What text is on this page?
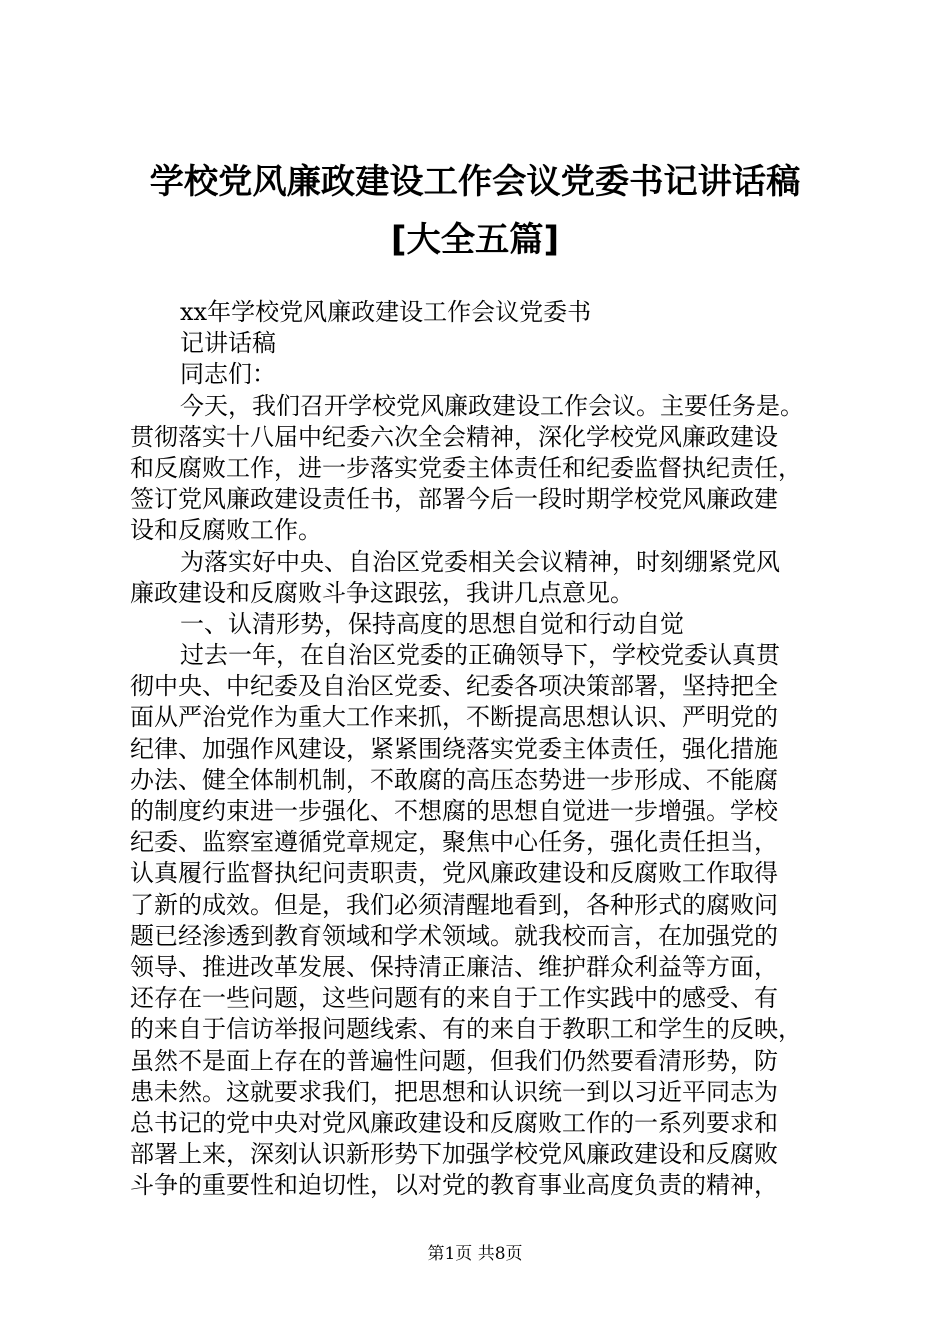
学校党风廉政建设工作会议党委书记讲话稿
[大全五篇]
xx年学校党风廉政建设工作会议党委书
记讲话稿
同志们：
今天，我们召开学校党风廉政建设工作会议。主要任务是。
贯彻落实十八届中纪委六次全会精神，深化学校党风廉政建设
和反腐败工作，进一步落实党委主体责任和纪委监督执纪责任，
签订党风廉政建设责任书，部署今后一段时期学校党风廉政建
设和反腐败工作。
为落实好中央、自治区党委相关会议精神，时刻绷紧党风
廉政建设和反腐败斗争这跟弦，我讲几点意见。
一、认清形势，保持高度的思想自觉和行动自觉
过去一年，在自治区党委的正确领导下，学校党委认真贯
彻中央、中纪委及自治区党委、纪委各项决策部署，坚持把全
面从严治党作为重大工作来抓，不断提高思想认识、严明党的
纪律、加强作风建设，紧紧围绕落实党委主体责任，强化措施
办法、健全体制机制，不敢腐的高压态势进一步形成、不能腐
的制度约束进一步强化、不想腐的思想自觉进一步增强。学校
纪委、监察室遵循党章规定，聚焦中心任务，强化责任担当，
认真履行监督执纪问责职责，党风廉政建设和反腐败工作取得
了新的成效。但是，我们必须清醒地看到，各种形式的腐败问
题已经渗透到教育领域和学术领域。就我校而言，在加强党的
领导、推进改革发展、保持清正廉洁、维护群众利益等方面，
还存在一些问题，这些问题有的来自于工作实践中的感受、有
的来自于信访举报问题线索、有的来自于教职工和学生的反映，
虽然不是面上存在的普遍性问题，但我们仍然要看清形势，防
患未然。这就要求我们，把思想和认识统一到以习近平同志为
总书记的党中央对党风廉政建设和反腐败工作的一系列要求和
部署上来，深刻认识新形势下加强学校党风廉政建设和反腐败
斗争的重要性和迫切性，以对党的教育事业高度负责的精神，
第1页 共8页
